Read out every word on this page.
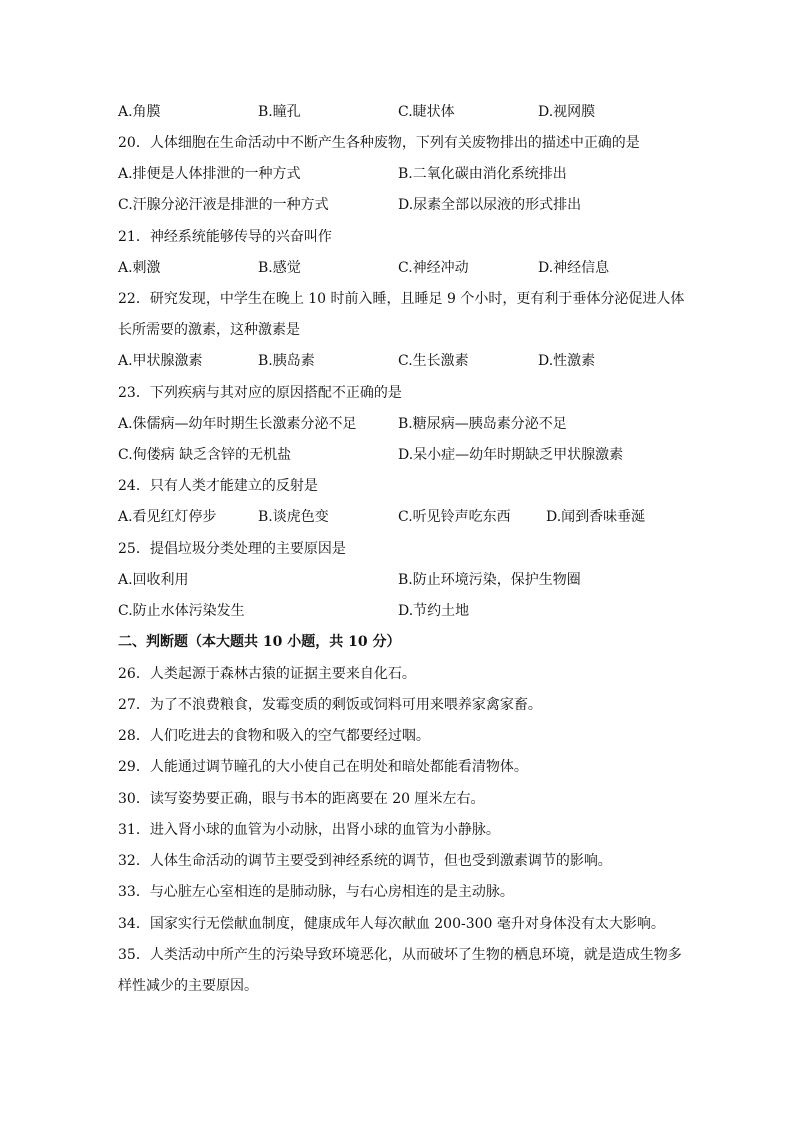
A.角膜	B.瞳孔	C.睫状体	D.视网膜
20．人体细胞在生命活动中不断产生各种废物，下列有关废物排出的描述中正确的是
A.排便是人体排泄的一种方式	B.二氧化碳由消化系统排出
C.汗腺分泌汗液是排泄的一种方式	D.尿素全部以尿液的形式排出
21．神经系统能够传导的兴奋叫作
A.刺激	B.感觉	C.神经冲动	D.神经信息
22．研究发现，中学生在晚上 10 时前入睡，且睡足 9 个小时，更有利于垂体分泌促进人体
长所需要的激素，这种激素是
A.甲状腺激素	B.胰岛素	C.生长激素	D.性激素
23．下列疾病与其对应的原因搭配不正确的是
A.侏儒病—幼年时期生长激素分泌不足	B.糖尿病—胰岛素分泌不足
C.佝偻病 缺乏含锌的无机盐	D.呆小症—幼年时期缺乏甲状腺激素
24．只有人类才能建立的反射是
A.看见红灯停步	B.谈虎色变	C.听见铃声吃东西	D.闻到香味垂涎
25．提倡垃圾分类处理的主要原因是
A.回收利用	B.防止环境污染，保护生物圈
C.防止水体污染发生	D.节约土地
二、判断题（本大题共 10 小题，共 10 分）
26．人类起源于森林古猿的证据主要来自化石。
27．为了不浪费粮食，发霉变质的剩饭或饲料可用来喂养家禽家畜。
28．人们吃进去的食物和吸入的空气都要经过咽。
29．人能通过调节瞳孔的大小使自己在明处和暗处都能看清物体。
30．读写姿势要正确，眼与书本的距离要在 20 厘米左右。
31．进入肾小球的血管为小动脉，出肾小球的血管为小静脉。
32．人体生命活动的调节主要受到神经系统的调节，但也受到激素调节的影响。
33．与心脏左心室相连的是肺动脉，与右心房相连的是主动脉。
34．国家实行无偿献血制度，健康成年人每次献血 200-300 毫升对身体没有太大影响。
35．人类活动中所产生的污染导致环境恶化，从而破坏了生物的栖息环境，就是造成生物多
样性减少的主要原因。
